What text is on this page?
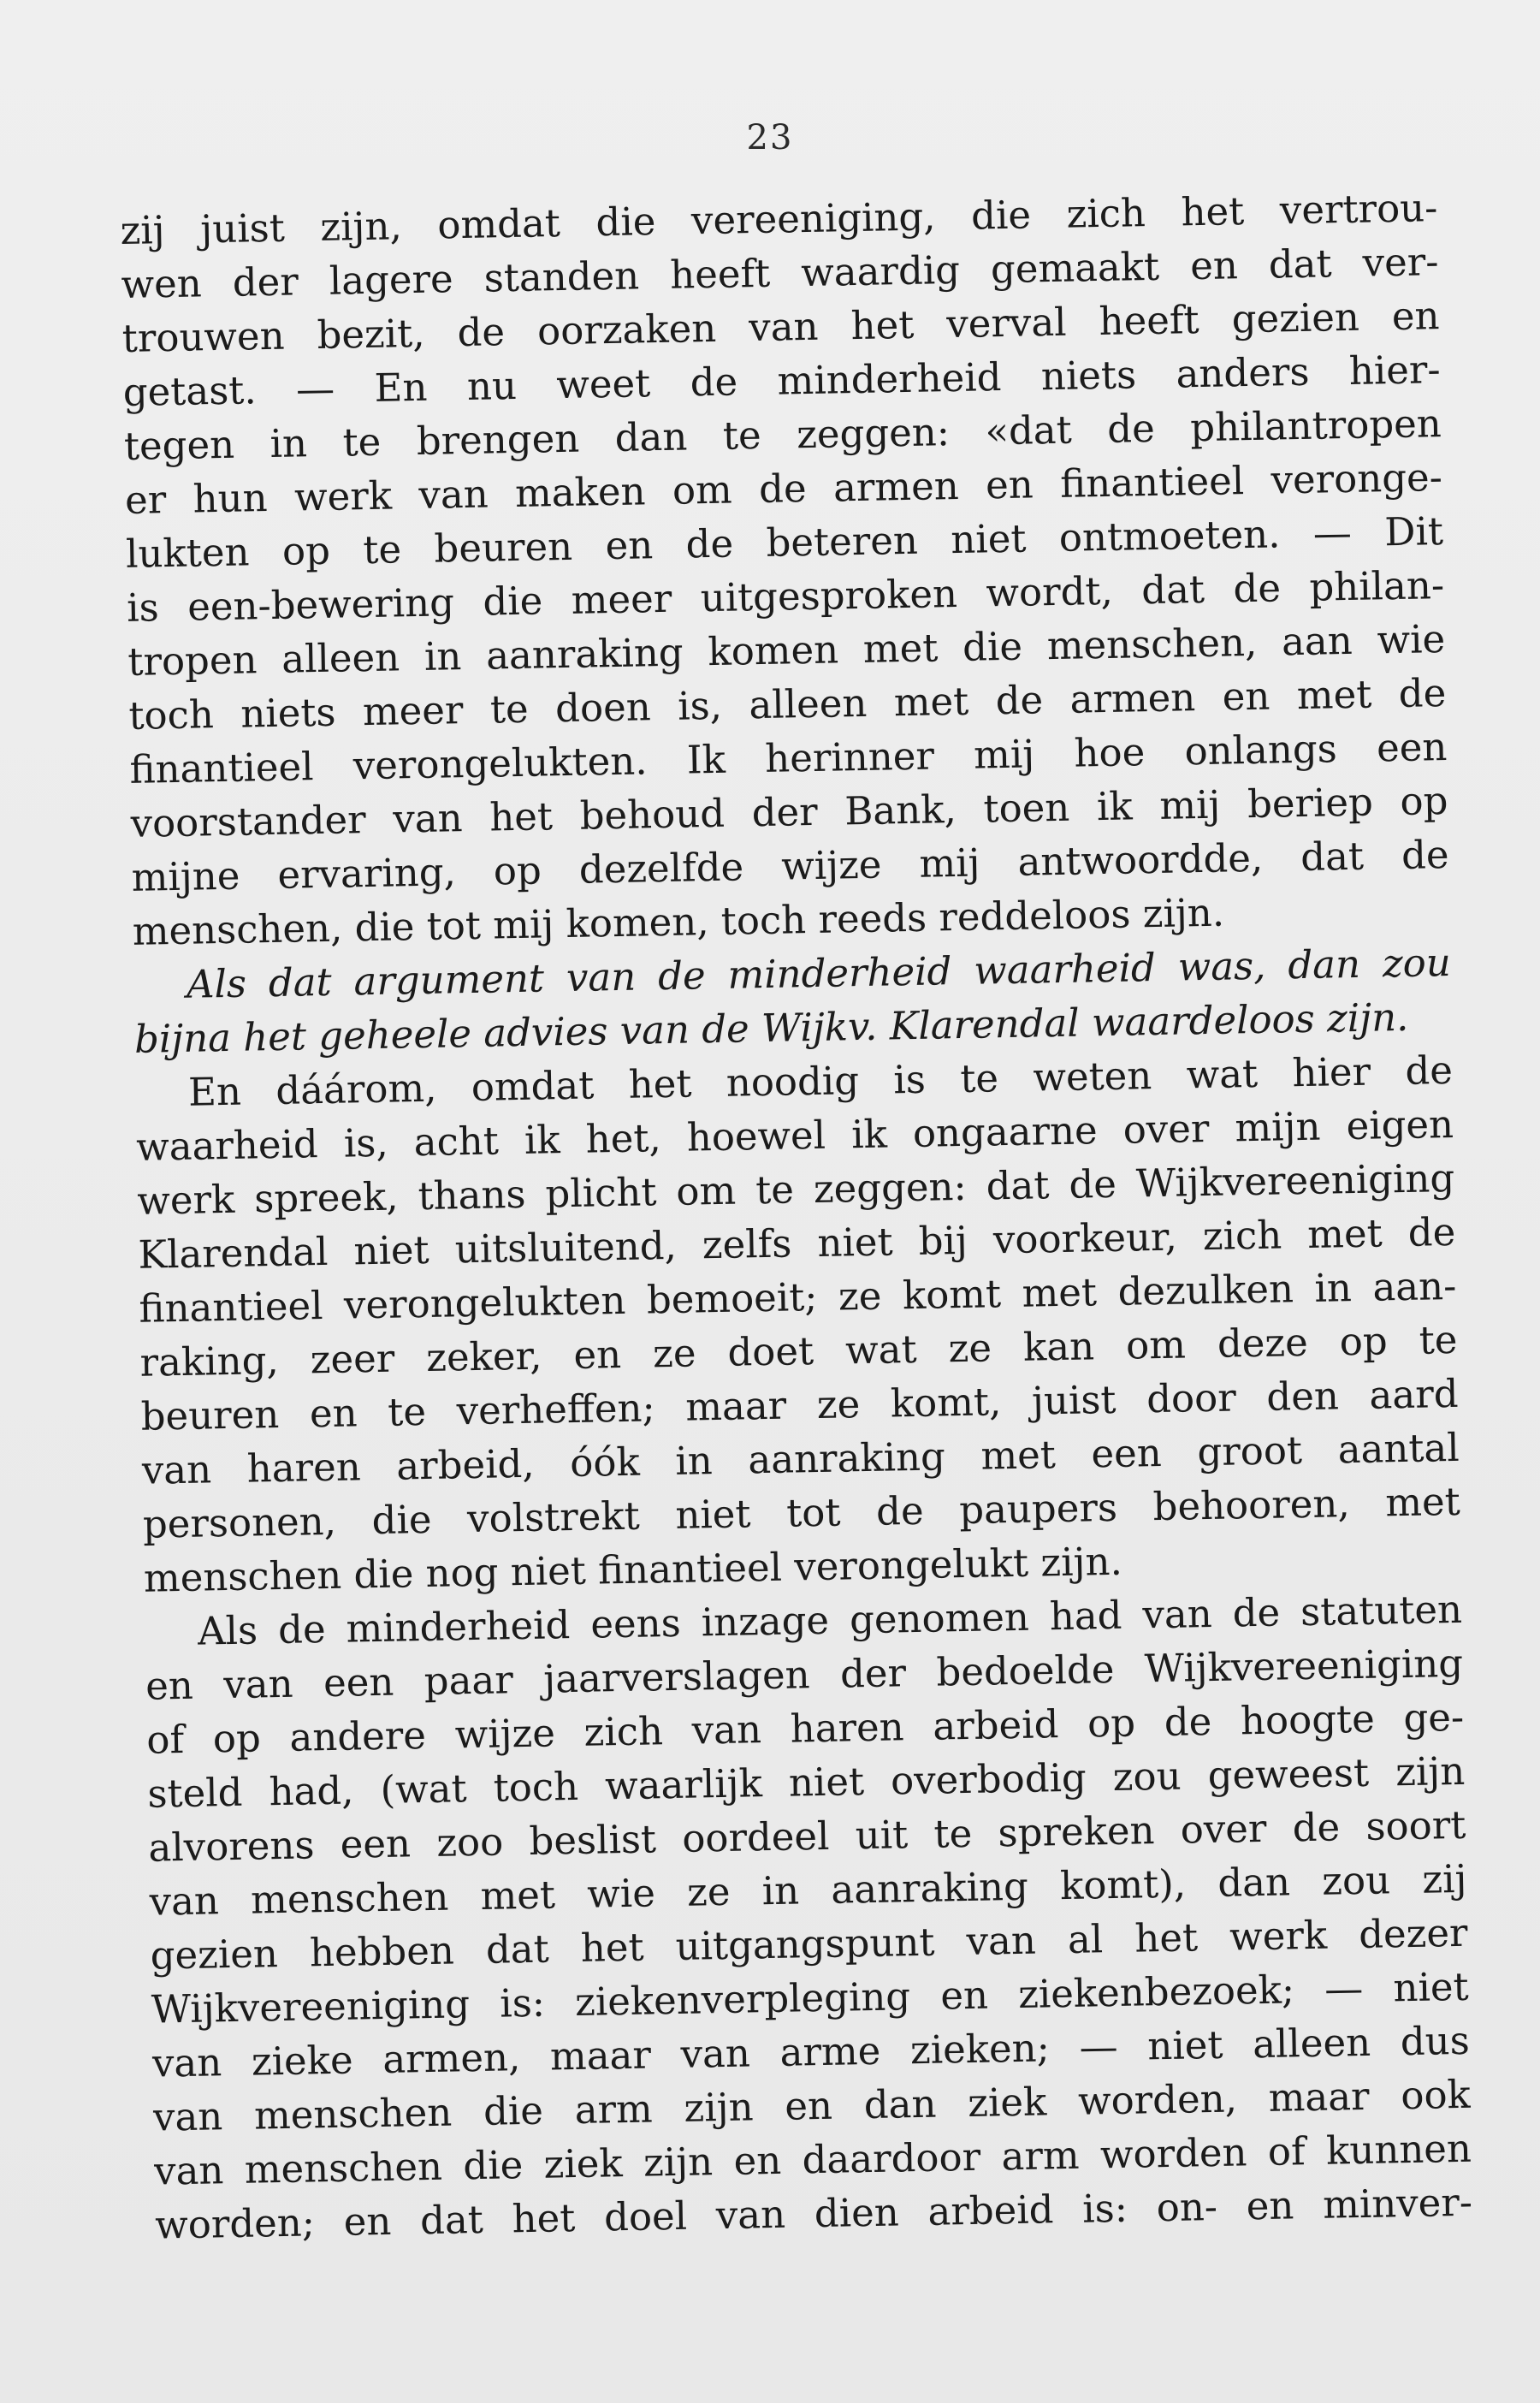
23
zij juist zijn, omdat die vereeniging, die zich het vertrou-
wen der lagere standen heeft waardig gemaakt en dat ver-
trouwen bezit, de oorzaken van het verval heeft gezien en
getast. — En nu weet de minderheid niets anders hier-
tegen in te brengen dan te zeggen: «dat de philantropen
er hun werk van maken om de armen en finantieel veronge-
lukten op te beuren en de beteren niet ontmoeten. — Dit
is een-bewering die meer uitgesproken wordt, dat de philan-
tropen alleen in aanraking komen met die menschen, aan wie
toch niets meer te doen is, alleen met de armen en met de
finantieel verongelukten. Ik herinner mij hoe onlangs een
voorstander van het behoud der Bank, toen ik mij beriep op
mijne ervaring, op dezelfde wijze mij antwoordde, dat de
menschen, die tot mij komen, toch reeds reddeloos zijn.
Als dat argument van de minderheid waarheid was, dan zou
bijna het geheele advies van de Wijkv. Klarendal waardeloos zijn.
En dáárom, omdat het noodig is te weten wat hier de
waarheid is, acht ik het, hoewel ik ongaarne over mijn eigen
werk spreek, thans plicht om te zeggen: dat de Wijkvereeniging
Klarendal niet uitsluitend, zelfs niet bij voorkeur, zich met de
finantieel verongelukten bemoeit; ze komt met dezulken in aan-
raking, zeer zeker, en ze doet wat ze kan om deze op te
beuren en te verheffen; maar ze komt, juist door den aard
van haren arbeid, óók in aanraking met een groot aantal
personen, die volstrekt niet tot de paupers behooren, met
menschen die nog niet finantieel verongelukt zijn.
Als de minderheid eens inzage genomen had van de statuten
en van een paar jaarverslagen der bedoelde Wijkvereeniging
of op andere wijze zich van haren arbeid op de hoogte ge-
steld had, (wat toch waarlijk niet overbodig zou geweest zijn
alvorens een zoo beslist oordeel uit te spreken over de soort
van menschen met wie ze in aanraking komt), dan zou zij
gezien hebben dat het uitgangspunt van al het werk dezer
Wijkvereeniging is: ziekenverpleging en ziekenbezoek; — niet
van zieke armen, maar van arme zieken; — niet alleen dus
van menschen die arm zijn en dan ziek worden, maar ook
van menschen die ziek zijn en daardoor arm worden of kunnen
worden; en dat het doel van dien arbeid is: on- en minver-
